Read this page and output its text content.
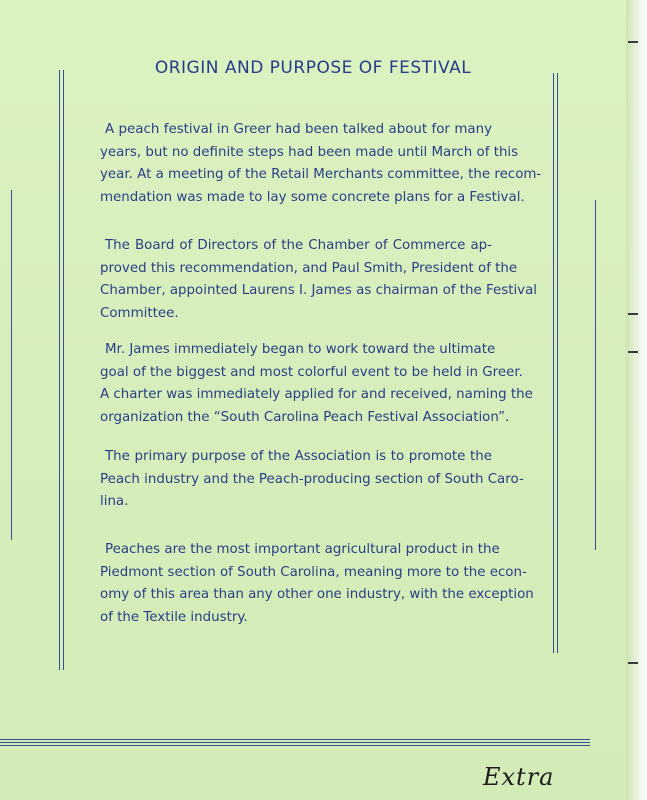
ORIGIN AND PURPOSE OF FESTIVAL
A peach festival in Greer had been talked about for many
years, but no definite steps had been made until March of this
year. At a meeting of the Retail Merchants committee, the recom-
mendation was made to lay some concrete plans for a Festival.
The Board of Directors of the Chamber of Commerce ap-
proved this recommendation, and Paul Smith, President of the
Chamber, appointed Laurens I. James as chairman of the Festival
Committee.
Mr. James immediately began to work toward the ultimate
goal of the biggest and most colorful event to be held in Greer.
A charter was immediately applied for and received, naming the
organization the “South Carolina Peach Festival Association”.
The primary purpose of the Association is to promote the
Peach industry and the Peach-producing section of South Caro-
lina.
Peaches are the most important agricultural product in the
Piedmont section of South Carolina, meaning more to the econ-
omy of this area than any other one industry, with the exception
of the Textile industry.
Extra
